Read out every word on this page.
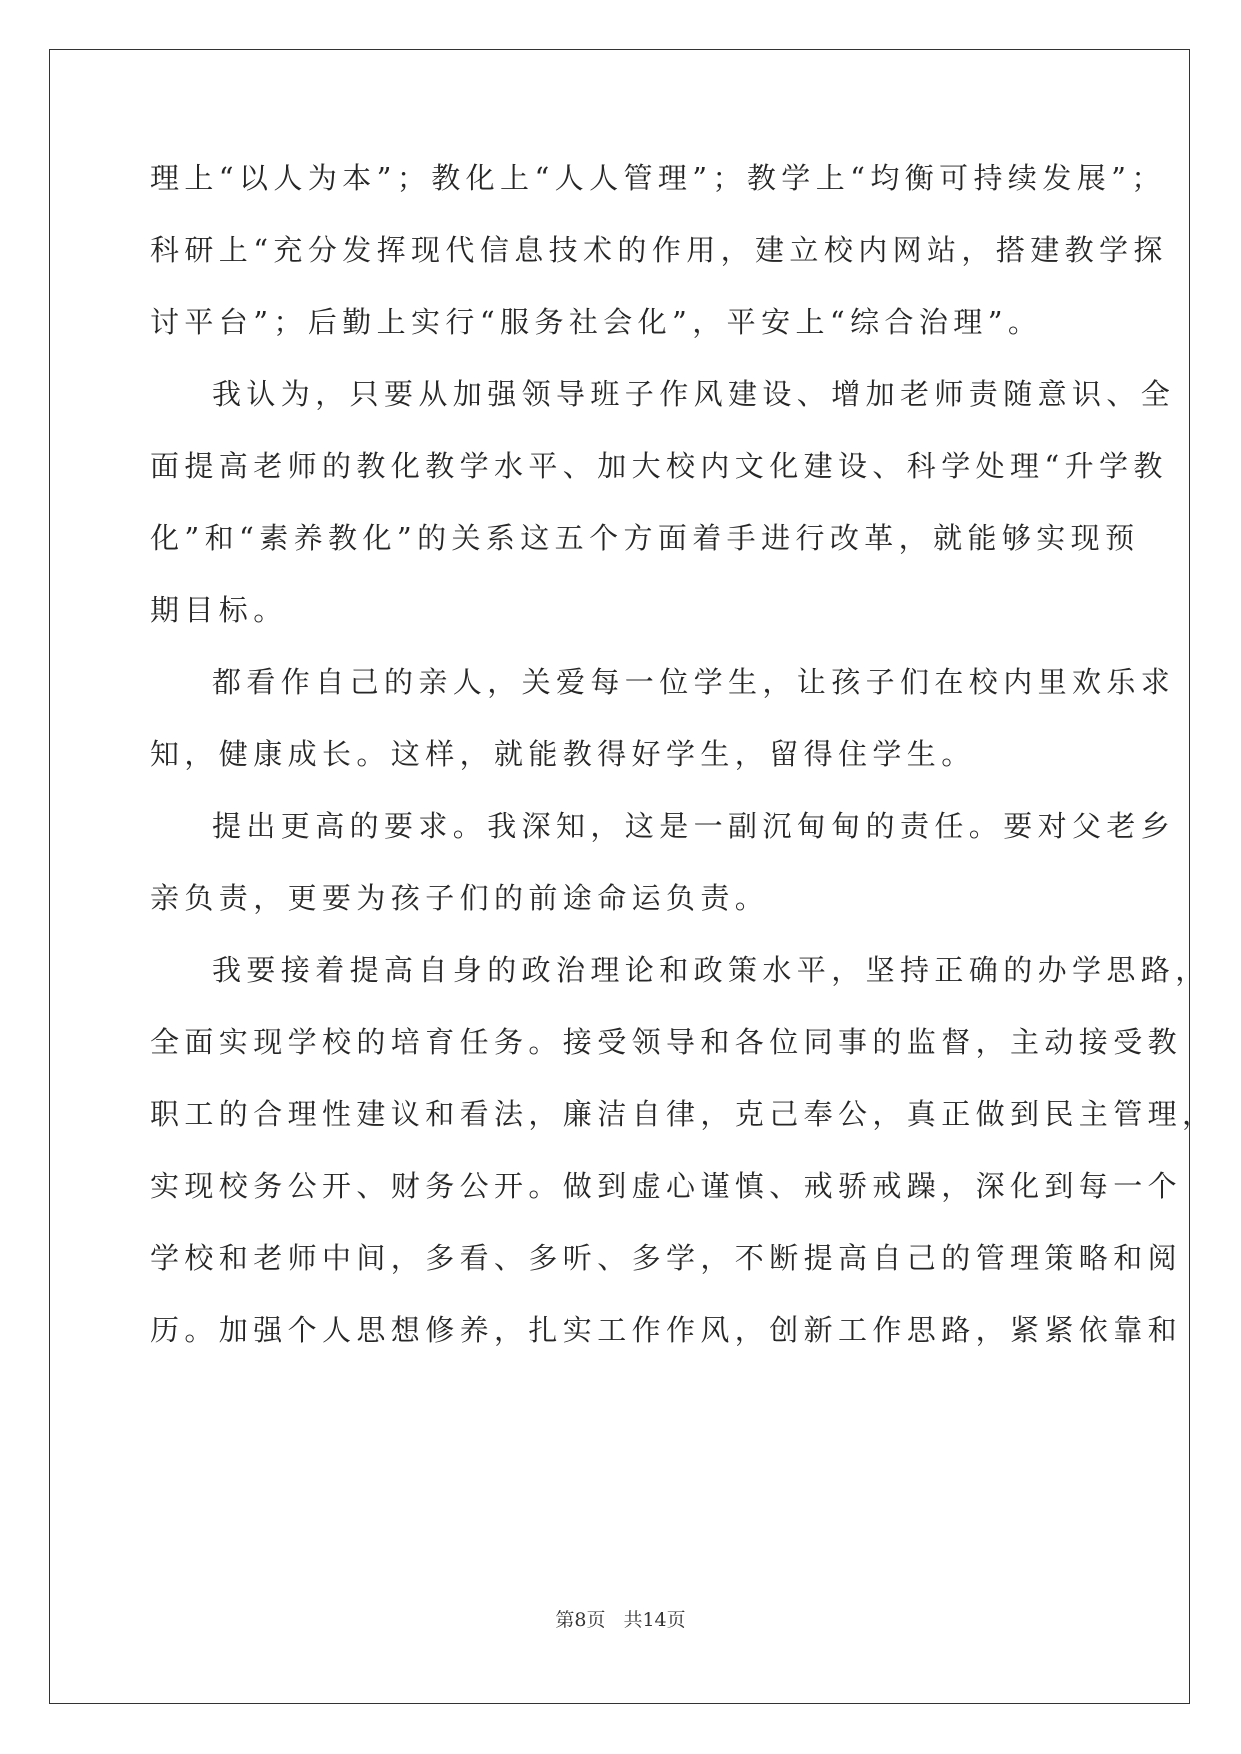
理上“以人为本”；教化上“人人管理”；教学上“均衡可持续发展”；
科研上“充分发挥现代信息技术的作用，建立校内网站，搭建教学探
讨平台”；后勤上实行“服务社会化”，平安上“综合治理”。
我认为，只要从加强领导班子作风建设、增加老师责随意识、全
面提高老师的教化教学水平、加大校内文化建设、科学处理“升学教
化”和“素养教化”的关系这五个方面着手进行改革，就能够实现预
期目标。
都看作自己的亲人，关爱每一位学生，让孩子们在校内里欢乐求
知，健康成长。这样，就能教得好学生，留得住学生。
提出更高的要求。我深知，这是一副沉甸甸的责任。要对父老乡
亲负责，更要为孩子们的前途命运负责。
我要接着提高自身的政治理论和政策水平，坚持正确的办学思路，
全面实现学校的培育任务。接受领导和各位同事的监督，主动接受教
职工的合理性建议和看法，廉洁自律，克己奉公，真正做到民主管理，
实现校务公开、财务公开。做到虚心谨慎、戒骄戒躁，深化到每一个
学校和老师中间，多看、多听、多学，不断提高自己的管理策略和阅
历。加强个人思想修养，扎实工作作风，创新工作思路，紧紧依靠和
第8页 共14页
